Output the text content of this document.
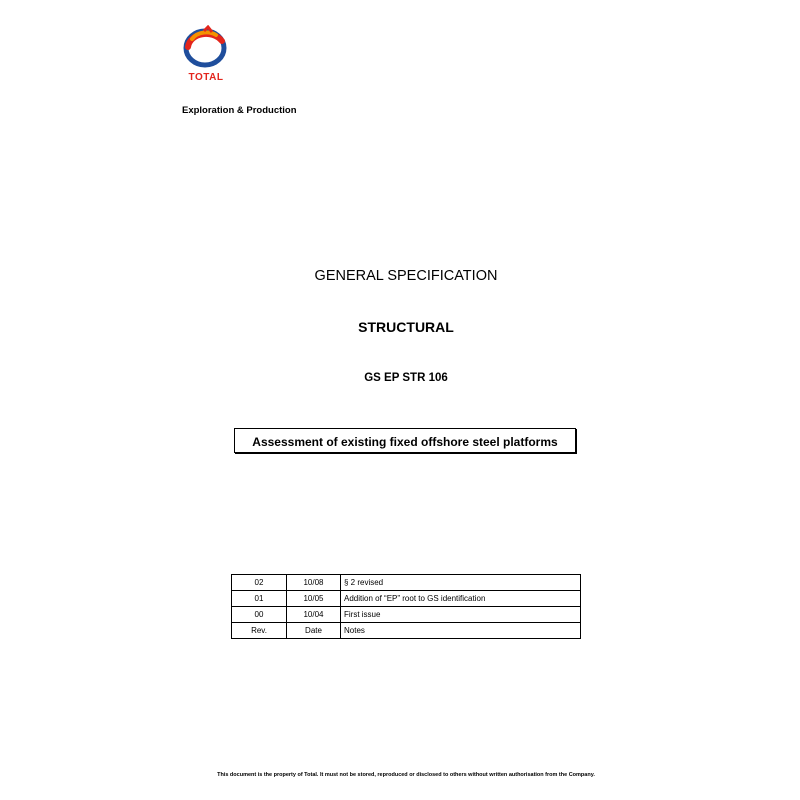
TOTAL
Exploration & Production
GENERAL SPECIFICATION
STRUCTURAL
GS EP STR 106
Assessment of existing fixed offshore steel platforms
02	10/08	§ 2 revised
01	10/05	Addition of “EP” root to GS identification
00	10/04	First issue
Rev.	Date	Notes
This document is the property of Total. It must not be stored, reproduced or disclosed to others without written authorisation from the Company.
